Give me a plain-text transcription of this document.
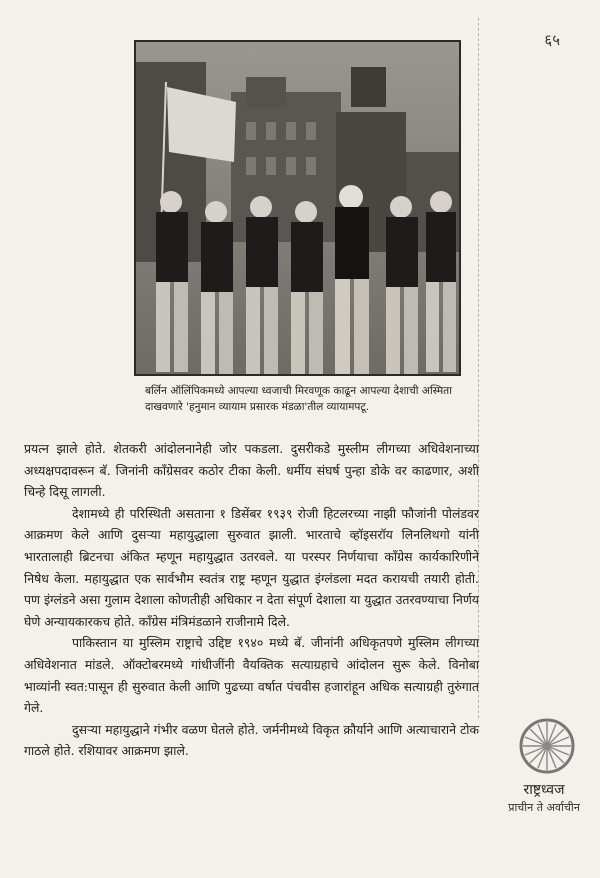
६५
बर्लिन ऑलिंपिकमध्ये आपल्या ध्वजाची मिरवणूक काढून आपल्या देशाची अस्मिता दाखवणारे 'हनुमान व्यायाम प्रसारक मंडळा'तील व्यायामपटू.

प्रयत्न झाले होते. शेतकरी आंदोलनानेही जोर पकडला. दुसरीकडे मुस्लीम लीगच्या अधिवेशनाच्या अध्यक्षपदावरून बॅ. जिनांनी काँग्रेसवर कठोर टीका केली. धर्मीय संघर्ष पुन्हा डोके वर काढणार, अशी चिन्हे दिसू लागली.

देशामध्ये ही परिस्थिती असताना १ डिसेंबर १९३९ रोजी हिटलरच्या नाझी फौजांनी पोलंडवर आक्रमण केले आणि दुसऱ्या महायुद्धाला सुरुवात झाली. भारताचे व्हॉइसरॉय लिनलिथगो यांनी भारतालाही ब्रिटनचा अंकित म्हणून महायुद्धात उतरवले. या परस्पर निर्णयाचा काँग्रेस कार्यकारिणीने निषेध केला. महायुद्धात एक सार्वभौम स्वतंत्र राष्ट्र म्हणून युद्धात इंग्लंडला मदत करायची तयारी होती. पण इंग्लंडने असा गुलाम देशाला कोणतीही अधिकार न देता संपूर्ण देशाला या युद्धात उतरवण्याचा निर्णय घेणे अन्यायकारकच होते. काँग्रेस मंत्रिमंडळाने राजीनामे दिले.

पाकिस्तान या मुस्लिम राष्ट्राचे उद्दिष्ट १९४० मध्ये बॅ. जीनांनी अधिकृतपणे मुस्लिम लीगच्या अधिवेशनात मांडले. ऑक्टोबरमध्ये गांधीजींनी वैयक्तिक सत्याग्रहाचे आंदोलन सुरू केले. विनोबा भाव्यांनी स्वत:पासून ही सुरुवात केली आणि पुढच्या वर्षात पंचवीस हजारांहून अधिक सत्याग्रही तुरुंगात गेले.

दुसऱ्या महायुद्धाने गंभीर वळण घेतले होते. जर्मनीमध्ये विकृत क्रौर्याने आणि अत्याचाराने टोक गाठले होते. रशियावर आक्रमण झाले.

राष्ट्रध्वज
प्राचीन ते अर्वाचीन
